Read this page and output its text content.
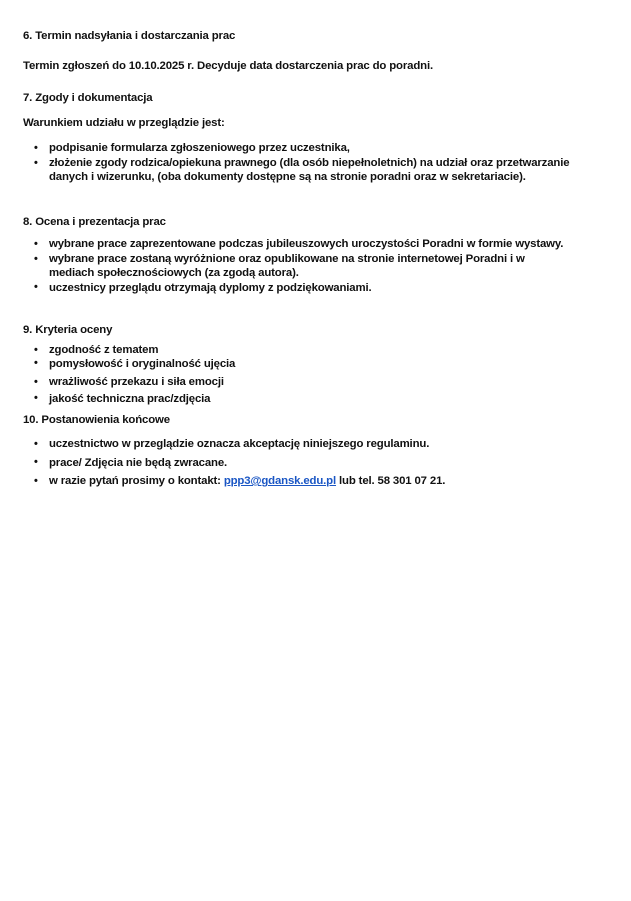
6. Termin nadsyłania i dostarczania prac
Termin zgłoszeń do 10.10.2025 r. Decyduje data dostarczenia prac do poradni.
7. Zgody i dokumentacja
Warunkiem udziału w przeglądzie jest:
• podpisanie formularza zgłoszeniowego przez uczestnika,
• złożenie zgody rodzica/opiekuna prawnego (dla osób niepełnoletnich) na udział oraz przetwarzanie danych i wizerunku, (oba dokumenty dostępne są na stronie poradni oraz w sekretariacie).
8. Ocena i prezentacja prac
• wybrane prace zaprezentowane podczas jubileuszowych uroczystości Poradni w formie wystawy.
• wybrane prace zostaną wyróżnione oraz opublikowane na stronie internetowej Poradni i w mediach społecznościowych (za zgodą autora).
• uczestnicy przeglądu otrzymają dyplomy z podziękowaniami.
9. Kryteria oceny
• zgodność z tematem
• pomysłowość i oryginalność ujęcia
• wrażliwość przekazu i siła emocji
• jakość techniczna prac/zdjęcia
10. Postanowienia końcowe
• uczestnictwo w przeglądzie oznacza akceptację niniejszego regulaminu.
• prace/ Zdjęcia nie będą zwracane.
• w razie pytań prosimy o kontakt: ppp3@gdansk.edu.pl lub tel. 58 301 07 21.
